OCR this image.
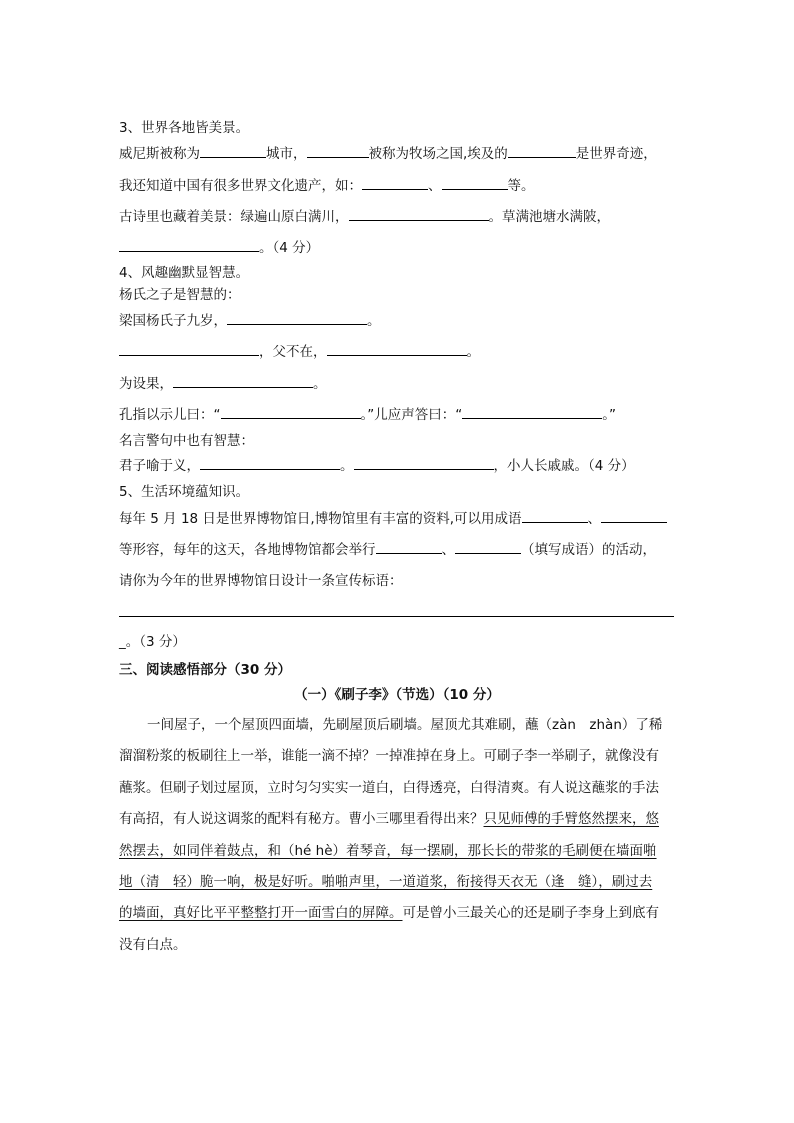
3、世界各地皆美景。
威尼斯被称为	城市，	被称为牧场之国,埃及的	是世界奇迹，
我还知道中国有很多世界文化遗产，如：	、	等。
古诗里也藏着美景：绿遍山原白满川，	。草满池塘水满陂，
。（4 分）
4、风趣幽默显智慧。
杨氏之子是智慧的：
梁国杨氏子九岁，	。
，父不在，	。
为设果，	。
孔指以示儿曰：“	。”儿应声答曰：“	。”
名言警句中也有智慧：
君子喻于义，	。	，小人长戚戚。（4 分）
5、生活环境蕴知识。
每年 5 月 18 日是世界博物馆日,博物馆里有丰富的资料,可以用成语	、
等形容，每年的这天，各地博物馆都会举行	、	（填写成语）的活动，
请你为今年的世界博物馆日设计一条宣传标语：
_。（3 分）
三、阅读感悟部分（30 分）
（一）《刷子李》（节选）（10 分）
一间屋子，一个屋顶四面墙，先刷屋顶后刷墙。屋顶尤其难刷，蘸（zàn　zhàn）了稀
溜溜粉浆的板刷往上一举，谁能一滴不掉？一掉准掉在身上。可刷子李一举刷子，就像没有
蘸浆。但刷子划过屋顶，立时匀匀实实一道白，白得透亮，白得清爽。有人说这蘸浆的手法
有高招，有人说这调浆的配料有秘方。曹小三哪里看得出来？只见师傅的手臂悠然摆来，悠
然摆去，如同伴着鼓点，和（hé hè）着琴音，每一摆刷，那长长的带浆的毛刷便在墙面啪
地（清　轻）脆一响，极是好听。啪啪声里，一道道浆，衔接得天衣无（逢　缝），刷过去
的墙面，真好比平平整整打开一面雪白的屏障。可是曾小三最关心的还是刷子李身上到底有
没有白点。
